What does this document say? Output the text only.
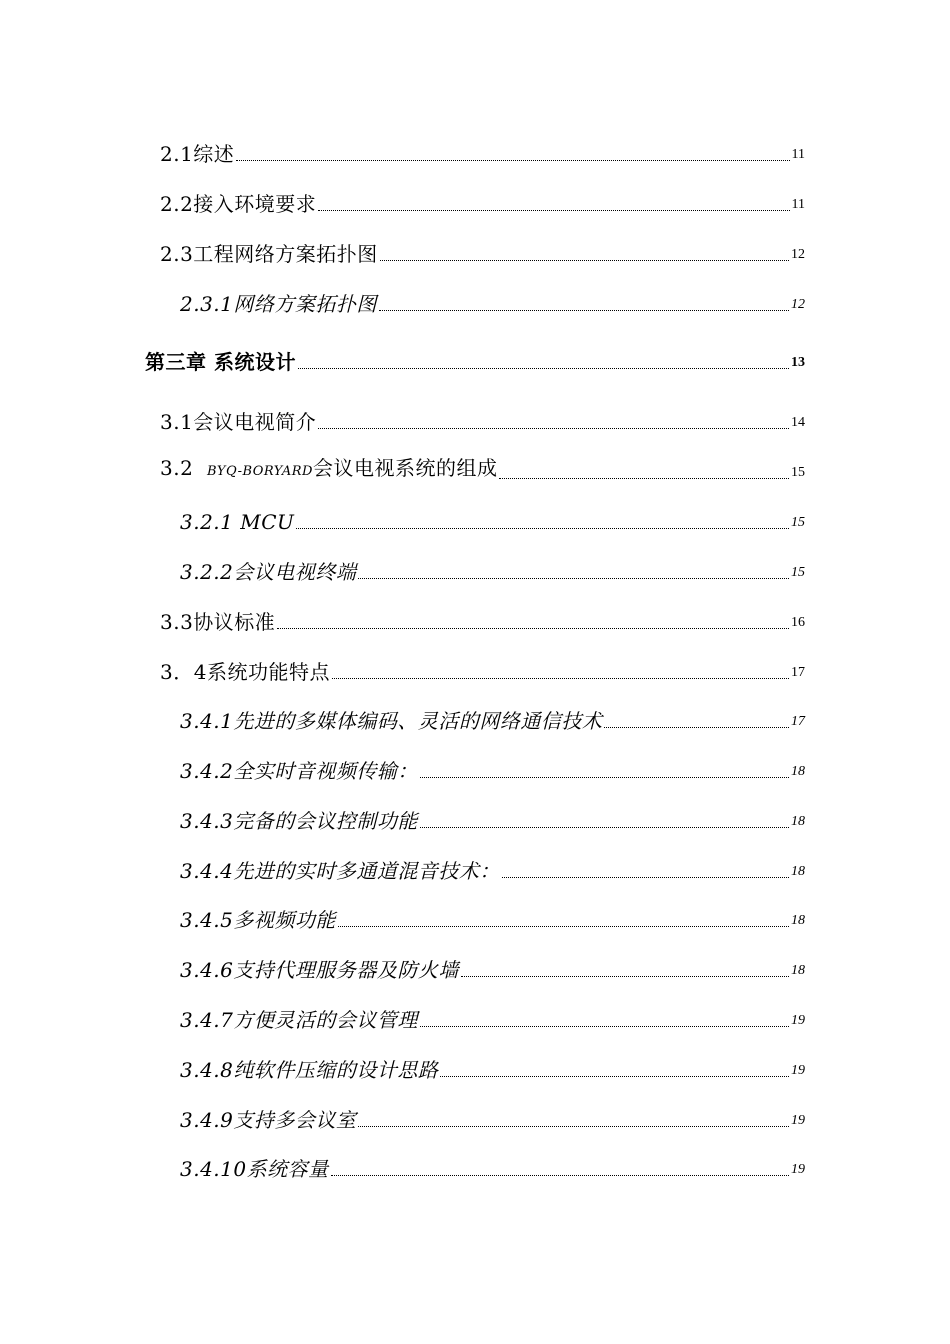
2.1综述	11
2.2接入环境要求	11
2.3工程网络方案拓扑图	12
2.3.1网络方案拓扑图	12
第三章 系统设计	13
3.1会议电视简介	14
3.2  BYQ-BORYARD会议电视系统的组成	15
3.2.1 MCU	15
3.2.2会议电视终端	15
3.3协议标准	16
3．4系统功能特点	17
3.4.1先进的多媒体编码、灵活的网络通信技术	17
3.4.2全实时音视频传输：	18
3.4.3完备的会议控制功能	18
3.4.4先进的实时多通道混音技术：	18
3.4.5多视频功能	18
3.4.6支持代理服务器及防火墙	18
3.4.7方便灵活的会议管理	19
3.4.8纯软件压缩的设计思路	19
3.4.9支持多会议室	19
3.4.10系统容量	19
